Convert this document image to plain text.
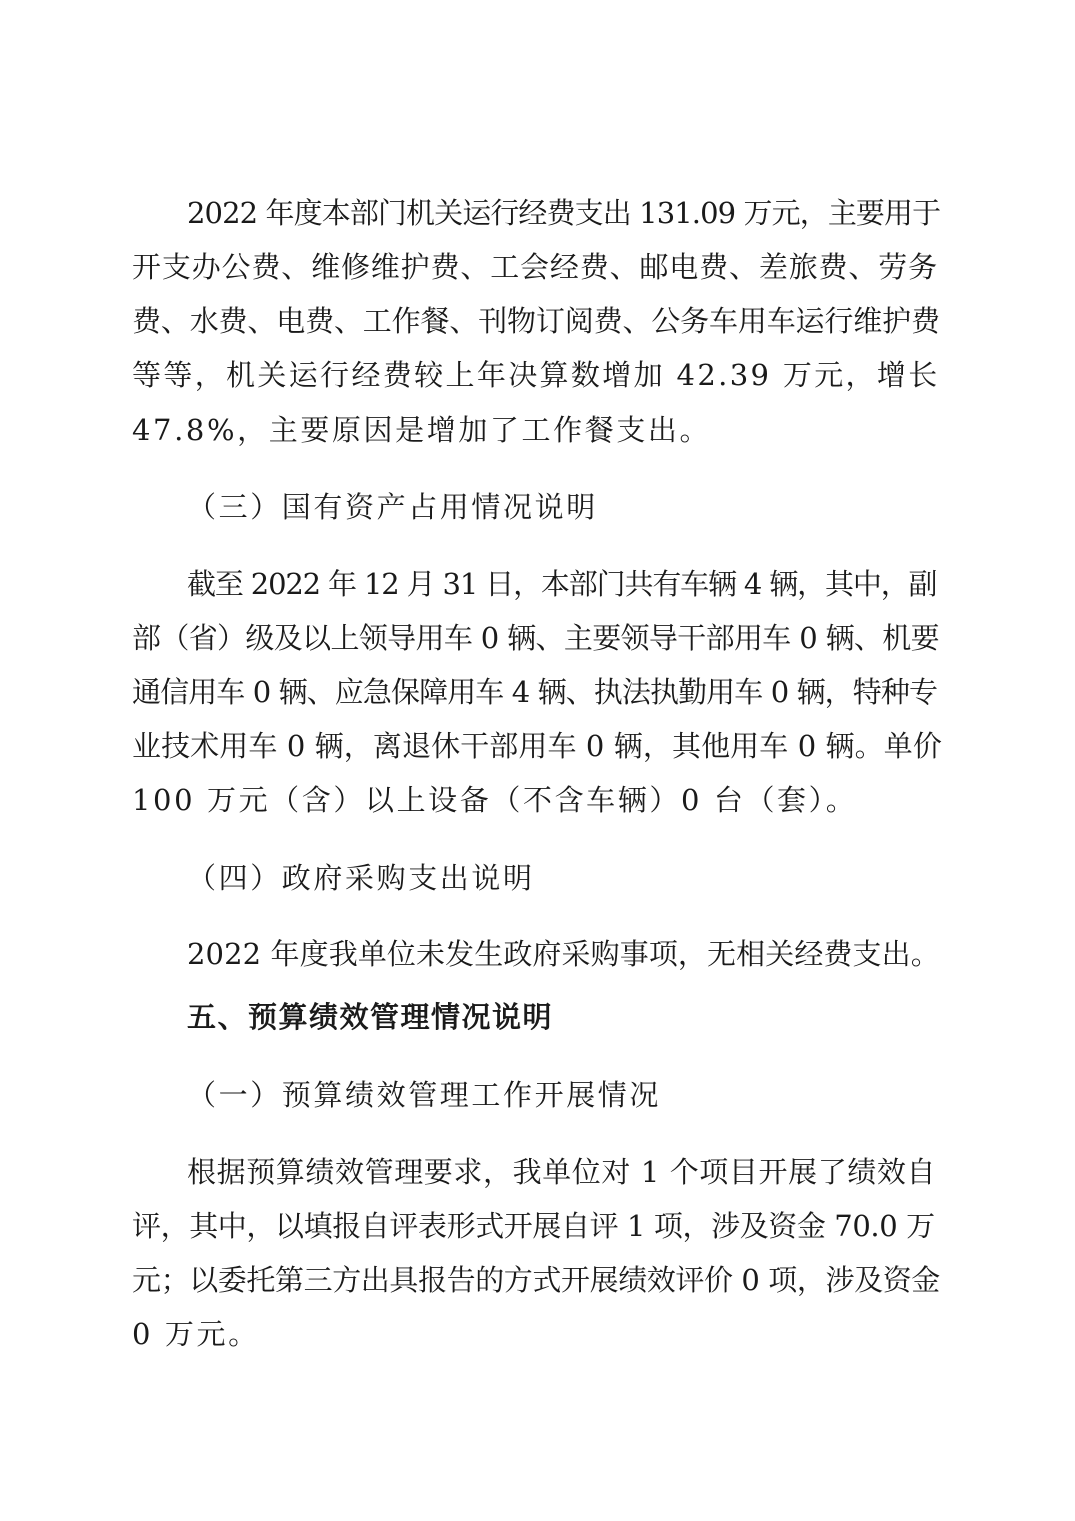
2022 年度本部门机关运行经费支出 131.09 万元，主要用于
开支办公费、维修维护费、工会经费、邮电费、差旅费、劳务
费、水费、电费、工作餐、刊物订阅费、公务车用车运行维护费
等等，机关运行经费较上年决算数增加 42.39 万元，增长
47.8%，主要原因是增加了工作餐支出。
（三）国有资产占用情况说明
截至 2022 年 12 月 31 日，本部门共有车辆 4 辆，其中，副
部（省）级及以上领导用车 0 辆、主要领导干部用车 0 辆、机要
通信用车 0 辆、应急保障用车 4 辆、执法执勤用车 0 辆，特种专
业技术用车 0 辆，离退休干部用车 0 辆，其他用车 0 辆。单价
100 万元（含）以上设备（不含车辆）0 台（套）。
（四）政府采购支出说明
2022 年度我单位未发生政府采购事项，无相关经费支出。
五、预算绩效管理情况说明
（一）预算绩效管理工作开展情况
根据预算绩效管理要求，我单位对 1 个项目开展了绩效自
评，其中，以填报自评表形式开展自评 1 项，涉及资金 70.0 万
元；以委托第三方出具报告的方式开展绩效评价 0 项，涉及资金
0 万元。
